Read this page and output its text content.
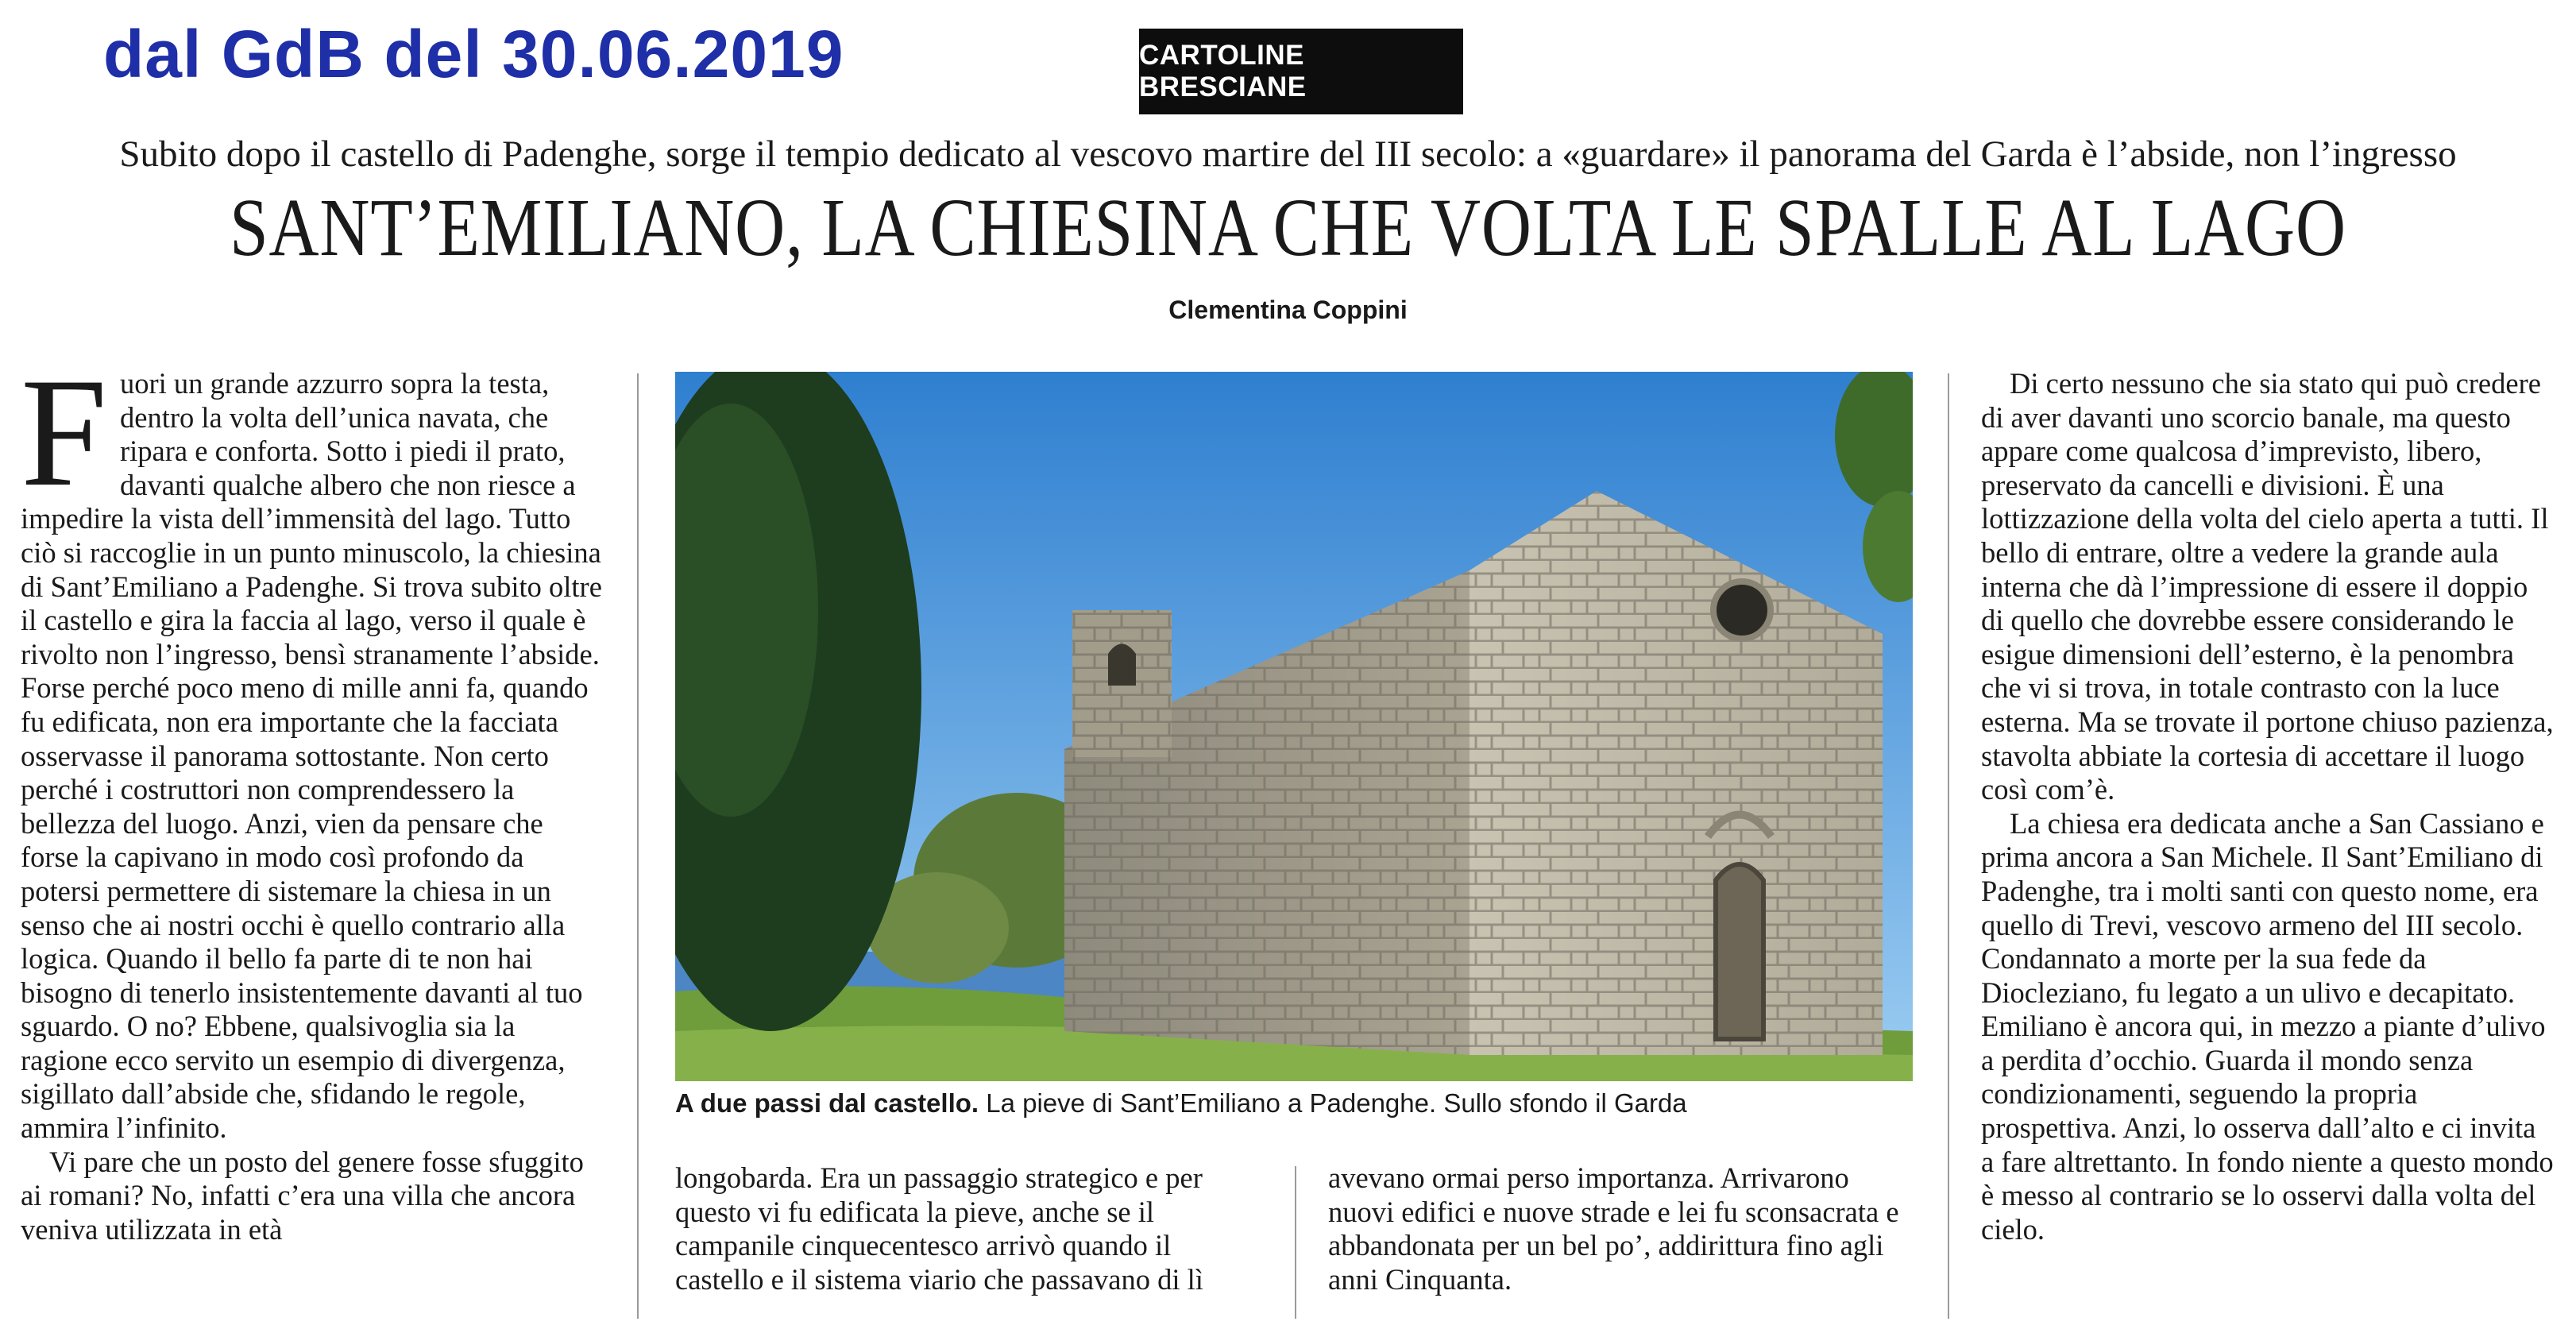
dal GdB del 30.06.2019	CARTOLINE BRESCIANE
Subito dopo il castello di Padenghe, sorge il tempio dedicato al vescovo martire del III secolo: a «guardare» il panorama del Garda è l’abside, non l’ingresso
SANT’EMILIANO, LA CHIESINA CHE VOLTA LE SPALLE AL LAGO
Clementina Coppini

Fuori un grande azzurro sopra la testa, dentro la volta dell’unica navata, che ripara e conforta. Sotto i piedi il prato, davanti qualche albero che non riesce a impedire la vista dell’immensità del lago. Tutto ciò si raccoglie in un punto minuscolo, la chiesina di Sant’Emiliano a Padenghe. Si trova subito oltre il castello e gira la faccia al lago, verso il quale è rivolto non l’ingresso, bensì stranamente l’abside. Forse perché poco meno di mille anni fa, quando fu edificata, non era importante che la facciata osservasse il panorama sottostante. Non certo perché i costruttori non comprendessero la bellezza del luogo. Anzi, vien da pensare che forse la capivano in modo così profondo da potersi permettere di sistemare la chiesa in un senso che ai nostri occhi è quello contrario alla logica. Quando il bello fa parte di te non hai bisogno di tenerlo insistentemente davanti al tuo sguardo. O no? Ebbene, qualsivoglia sia la ragione ecco servito un esempio di divergenza, sigillato dall’abside che, sfidando le regole, ammira l’infinito.

Vi pare che un posto del genere fosse sfuggito ai romani? No, infatti c’era una villa che ancora veniva utilizzata in età

A due passi dal castello. La pieve di Sant’Emiliano a Padenghe. Sullo sfondo il Garda

longobarda. Era un passaggio strategico e per questo vi fu edificata la pieve, anche se il campanile cinquecentesco arrivò quando il castello e il sistema viario che passavano di lì

avevano ormai perso importanza. Arrivarono nuovi edifici e nuove strade e lei fu sconsacrata e abbandonata per un bel po’, addirittura fino agli anni Cinquanta.

Di certo nessuno che sia stato qui può credere di aver davanti uno scorcio banale, ma questo appare come qualcosa d’imprevisto, libero, preservato da cancelli e divisioni. È una lottizzazione della volta del cielo aperta a tutti. Il bello di entrare, oltre a vedere la grande aula interna che dà l’impressione di essere il doppio di quello che dovrebbe essere considerando le esigue dimensioni dell’esterno, è la penombra che vi si trova, in totale contrasto con la luce esterna. Ma se trovate il portone chiuso pazienza, stavolta abbiate la cortesia di accettare il luogo così com’è.

La chiesa era dedicata anche a San Cassiano e prima ancora a San Michele. Il Sant’Emiliano di Padenghe, tra i molti santi con questo nome, era quello di Trevi, vescovo armeno del III secolo. Condannato a morte per la sua fede da Diocleziano, fu legato a un ulivo e decapitato. Emiliano è ancora qui, in mezzo a piante d’ulivo a perdita d’occhio. Guarda il mondo senza condizionamenti, seguendo la propria prospettiva. Anzi, lo osserva dall’alto e ci invita a fare altrettanto. In fondo niente a questo mondo è messo al contrario se lo osservi dalla volta del cielo.
